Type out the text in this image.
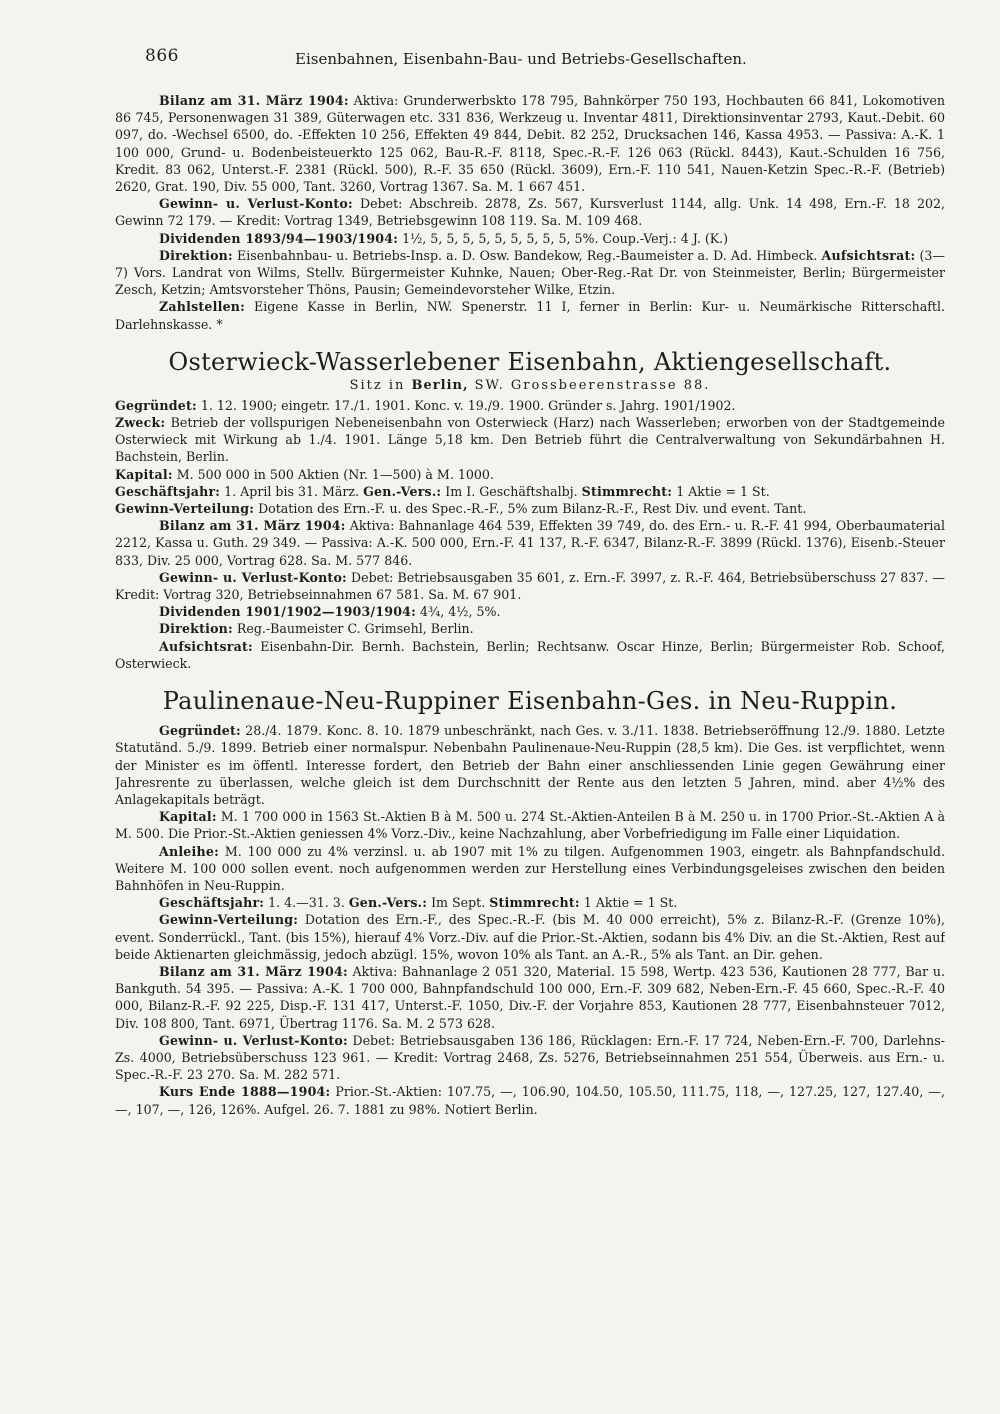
866	Eisenbahnen, Eisenbahn-Bau- und Betriebs-Gesellschaften.

Bilanz am 31. März 1904: Aktiva: Grunderwerbskto 178 795, Bahnkörper 750 193, Hochbauten 66 841, Lokomotiven 86 745, Personenwagen 31 389, Güterwagen etc. 331 836, Werkzeug u. Inventar 4811, Direktionsinventar 2793, Kaut.-Debit. 60 097, do. -Wechsel 6500, do. -Effekten 10 256, Effekten 49 844, Debit. 82 252, Drucksachen 146, Kassa 4953. — Passiva: A.-K. 1 100 000, Grund- u. Bodenbeisteuerkto 125 062, Bau-R.-F. 8118, Spec.-R.-F. 126 063 (Rückl. 8443), Kaut.-Schulden 16 756, Kredit. 83 062, Unterst.-F. 2381 (Rückl. 500), R.-F. 35 650 (Rückl. 3609), Ern.-F. 110 541, Nauen-Ketzin Spec.-R.-F. (Betrieb) 2620, Grat. 190, Div. 55 000, Tant. 3260, Vortrag 1367. Sa. M. 1 667 451.

Gewinn- u. Verlust-Konto: Debet: Abschreib. 2878, Zs. 567, Kursverlust 1144, allg. Unk. 14 498, Ern.-F. 18 202, Gewinn 72 179. — Kredit: Vortrag 1349, Betriebsgewinn 108 119. Sa. M. 109 468.

Dividenden 1893/94—1903/1904: 1½, 5, 5, 5, 5, 5, 5, 5, 5, 5, 5%. Coup.-Verj.: 4 J. (K.)

Direktion: Eisenbahnbau- u. Betriebs-Insp. a. D. Osw. Bandekow, Reg.-Baumeister a. D. Ad. Himbeck. Aufsichtsrat: (3—7) Vors. Landrat von Wilms, Stellv. Bürgermeister Kuhnke, Nauen; Ober-Reg.-Rat Dr. von Steinmeister, Berlin; Bürgermeister Zesch, Ketzin; Amtsvorsteher Thöns, Pausin; Gemeindevorsteher Wilke, Etzin.

Zahlstellen: Eigene Kasse in Berlin, NW. Spenerstr. 11 I, ferner in Berlin: Kur- u. Neumärkische Ritterschaftl. Darlehnskasse. *

Osterwieck-Wasserlebener Eisenbahn, Aktiengesellschaft.
Sitz in Berlin, SW. Grossbeerenstrasse 88.

Gegründet: 1. 12. 1900; eingetr. 17./1. 1901. Konc. v. 19./9. 1900. Gründer s. Jahrg. 1901/1902.

Zweck: Betrieb der vollspurigen Nebeneisenbahn von Osterwieck (Harz) nach Wasserleben; erworben von der Stadtgemeinde Osterwieck mit Wirkung ab 1./4. 1901. Länge 5,18 km. Den Betrieb führt die Centralverwaltung von Sekundärbahnen H. Bachstein, Berlin.

Kapital: M. 500 000 in 500 Aktien (Nr. 1—500) à M. 1000.

Geschäftsjahr: 1. April bis 31. März. Gen.-Vers.: Im I. Geschäftshalbj. Stimmrecht: 1 Aktie = 1 St.

Gewinn-Verteilung: Dotation des Ern.-F. u. des Spec.-R.-F., 5% zum Bilanz-R.-F., Rest Div. und event. Tant.

Bilanz am 31. März 1904: Aktiva: Bahnanlage 464 539, Effekten 39 749, do. des Ern.- u. R.-F. 41 994, Oberbaumaterial 2212, Kassa u. Guth. 29 349. — Passiva: A.-K. 500 000, Ern.-F. 41 137, R.-F. 6347, Bilanz-R.-F. 3899 (Rückl. 1376), Eisenb.-Steuer 833, Div. 25 000, Vortrag 628. Sa. M. 577 846.

Gewinn- u. Verlust-Konto: Debet: Betriebsausgaben 35 601, z. Ern.-F. 3997, z. R.-F. 464, Betriebsüberschuss 27 837. — Kredit: Vortrag 320, Betriebseinnahmen 67 581. Sa. M. 67 901.

Dividenden 1901/1902—1903/1904: 4¾, 4½, 5%.

Direktion: Reg.-Baumeister C. Grimsehl, Berlin.

Aufsichtsrat: Eisenbahn-Dir. Bernh. Bachstein, Berlin; Rechtsanw. Oscar Hinze, Berlin; Bürgermeister Rob. Schoof, Osterwieck.

Paulinenaue-Neu-Ruppiner Eisenbahn-Ges. in Neu-Ruppin.

Gegründet: 28./4. 1879. Konc. 8. 10. 1879 unbeschränkt, nach Ges. v. 3./11. 1838. Betriebseröffnung 12./9. 1880. Letzte Statutänd. 5./9. 1899. Betrieb einer normalspur. Nebenbahn Paulinenaue-Neu-Ruppin (28,5 km). Die Ges. ist verpflichtet, wenn der Minister es im öffentl. Interesse fordert, den Betrieb der Bahn einer anschliessenden Linie gegen Gewährung einer Jahresrente zu überlassen, welche gleich ist dem Durchschnitt der Rente aus den letzten 5 Jahren, mind. aber 4½% des Anlagekapitals beträgt.

Kapital: M. 1 700 000 in 1563 St.-Aktien B à M. 500 u. 274 St.-Aktien-Anteilen B à M. 250 u. in 1700 Prior.-St.-Aktien A à M. 500. Die Prior.-St.-Aktien geniessen 4% Vorz.-Div., keine Nachzahlung, aber Vorbefriedigung im Falle einer Liquidation.

Anleihe: M. 100 000 zu 4% verzinsl. u. ab 1907 mit 1% zu tilgen. Aufgenommen 1903, eingetr. als Bahnpfandschuld. Weitere M. 100 000 sollen event. noch aufgenommen werden zur Herstellung eines Verbindungsgeleises zwischen den beiden Bahnhöfen in Neu-Ruppin.

Geschäftsjahr: 1. 4.—31. 3. Gen.-Vers.: Im Sept. Stimmrecht: 1 Aktie = 1 St.

Gewinn-Verteilung: Dotation des Ern.-F., des Spec.-R.-F. (bis M. 40 000 erreicht), 5% z. Bilanz-R.-F. (Grenze 10%), event. Sonderrückl., Tant. (bis 15%), hierauf 4% Vorz.-Div. auf die Prior.-St.-Aktien, sodann bis 4% Div. an die St.-Aktien, Rest auf beide Aktienarten gleichmässig, jedoch abzügl. 15%, wovon 10% als Tant. an A.-R., 5% als Tant. an Dir. gehen.

Bilanz am 31. März 1904: Aktiva: Bahnanlage 2 051 320, Material. 15 598, Wertp. 423 536, Kautionen 28 777, Bar u. Bankguth. 54 395. — Passiva: A.-K. 1 700 000, Bahnpfandschuld 100 000, Ern.-F. 309 682, Neben-Ern.-F. 45 660, Spec.-R.-F. 40 000, Bilanz-R.-F. 92 225, Disp.-F. 131 417, Unterst.-F. 1050, Div.-F. der Vorjahre 853, Kautionen 28 777, Eisenbahnsteuer 7012, Div. 108 800, Tant. 6971, Übertrag 1176. Sa. M. 2 573 628.

Gewinn- u. Verlust-Konto: Debet: Betriebsausgaben 136 186, Rücklagen: Ern.-F. 17 724, Neben-Ern.-F. 700, Darlehns-Zs. 4000, Betriebsüberschuss 123 961. — Kredit: Vortrag 2468, Zs. 5276, Betriebseinnahmen 251 554, Überweis. aus Ern.- u. Spec.-R.-F. 23 270. Sa. M. 282 571.

Kurs Ende 1888—1904: Prior.-St.-Aktien: 107.75, —, 106.90, 104.50, 105.50, 111.75, 118, —, 127.25, 127, 127.40, —, —, 107, —, 126, 126%. Aufgel. 26. 7. 1881 zu 98%. Notiert Berlin.
